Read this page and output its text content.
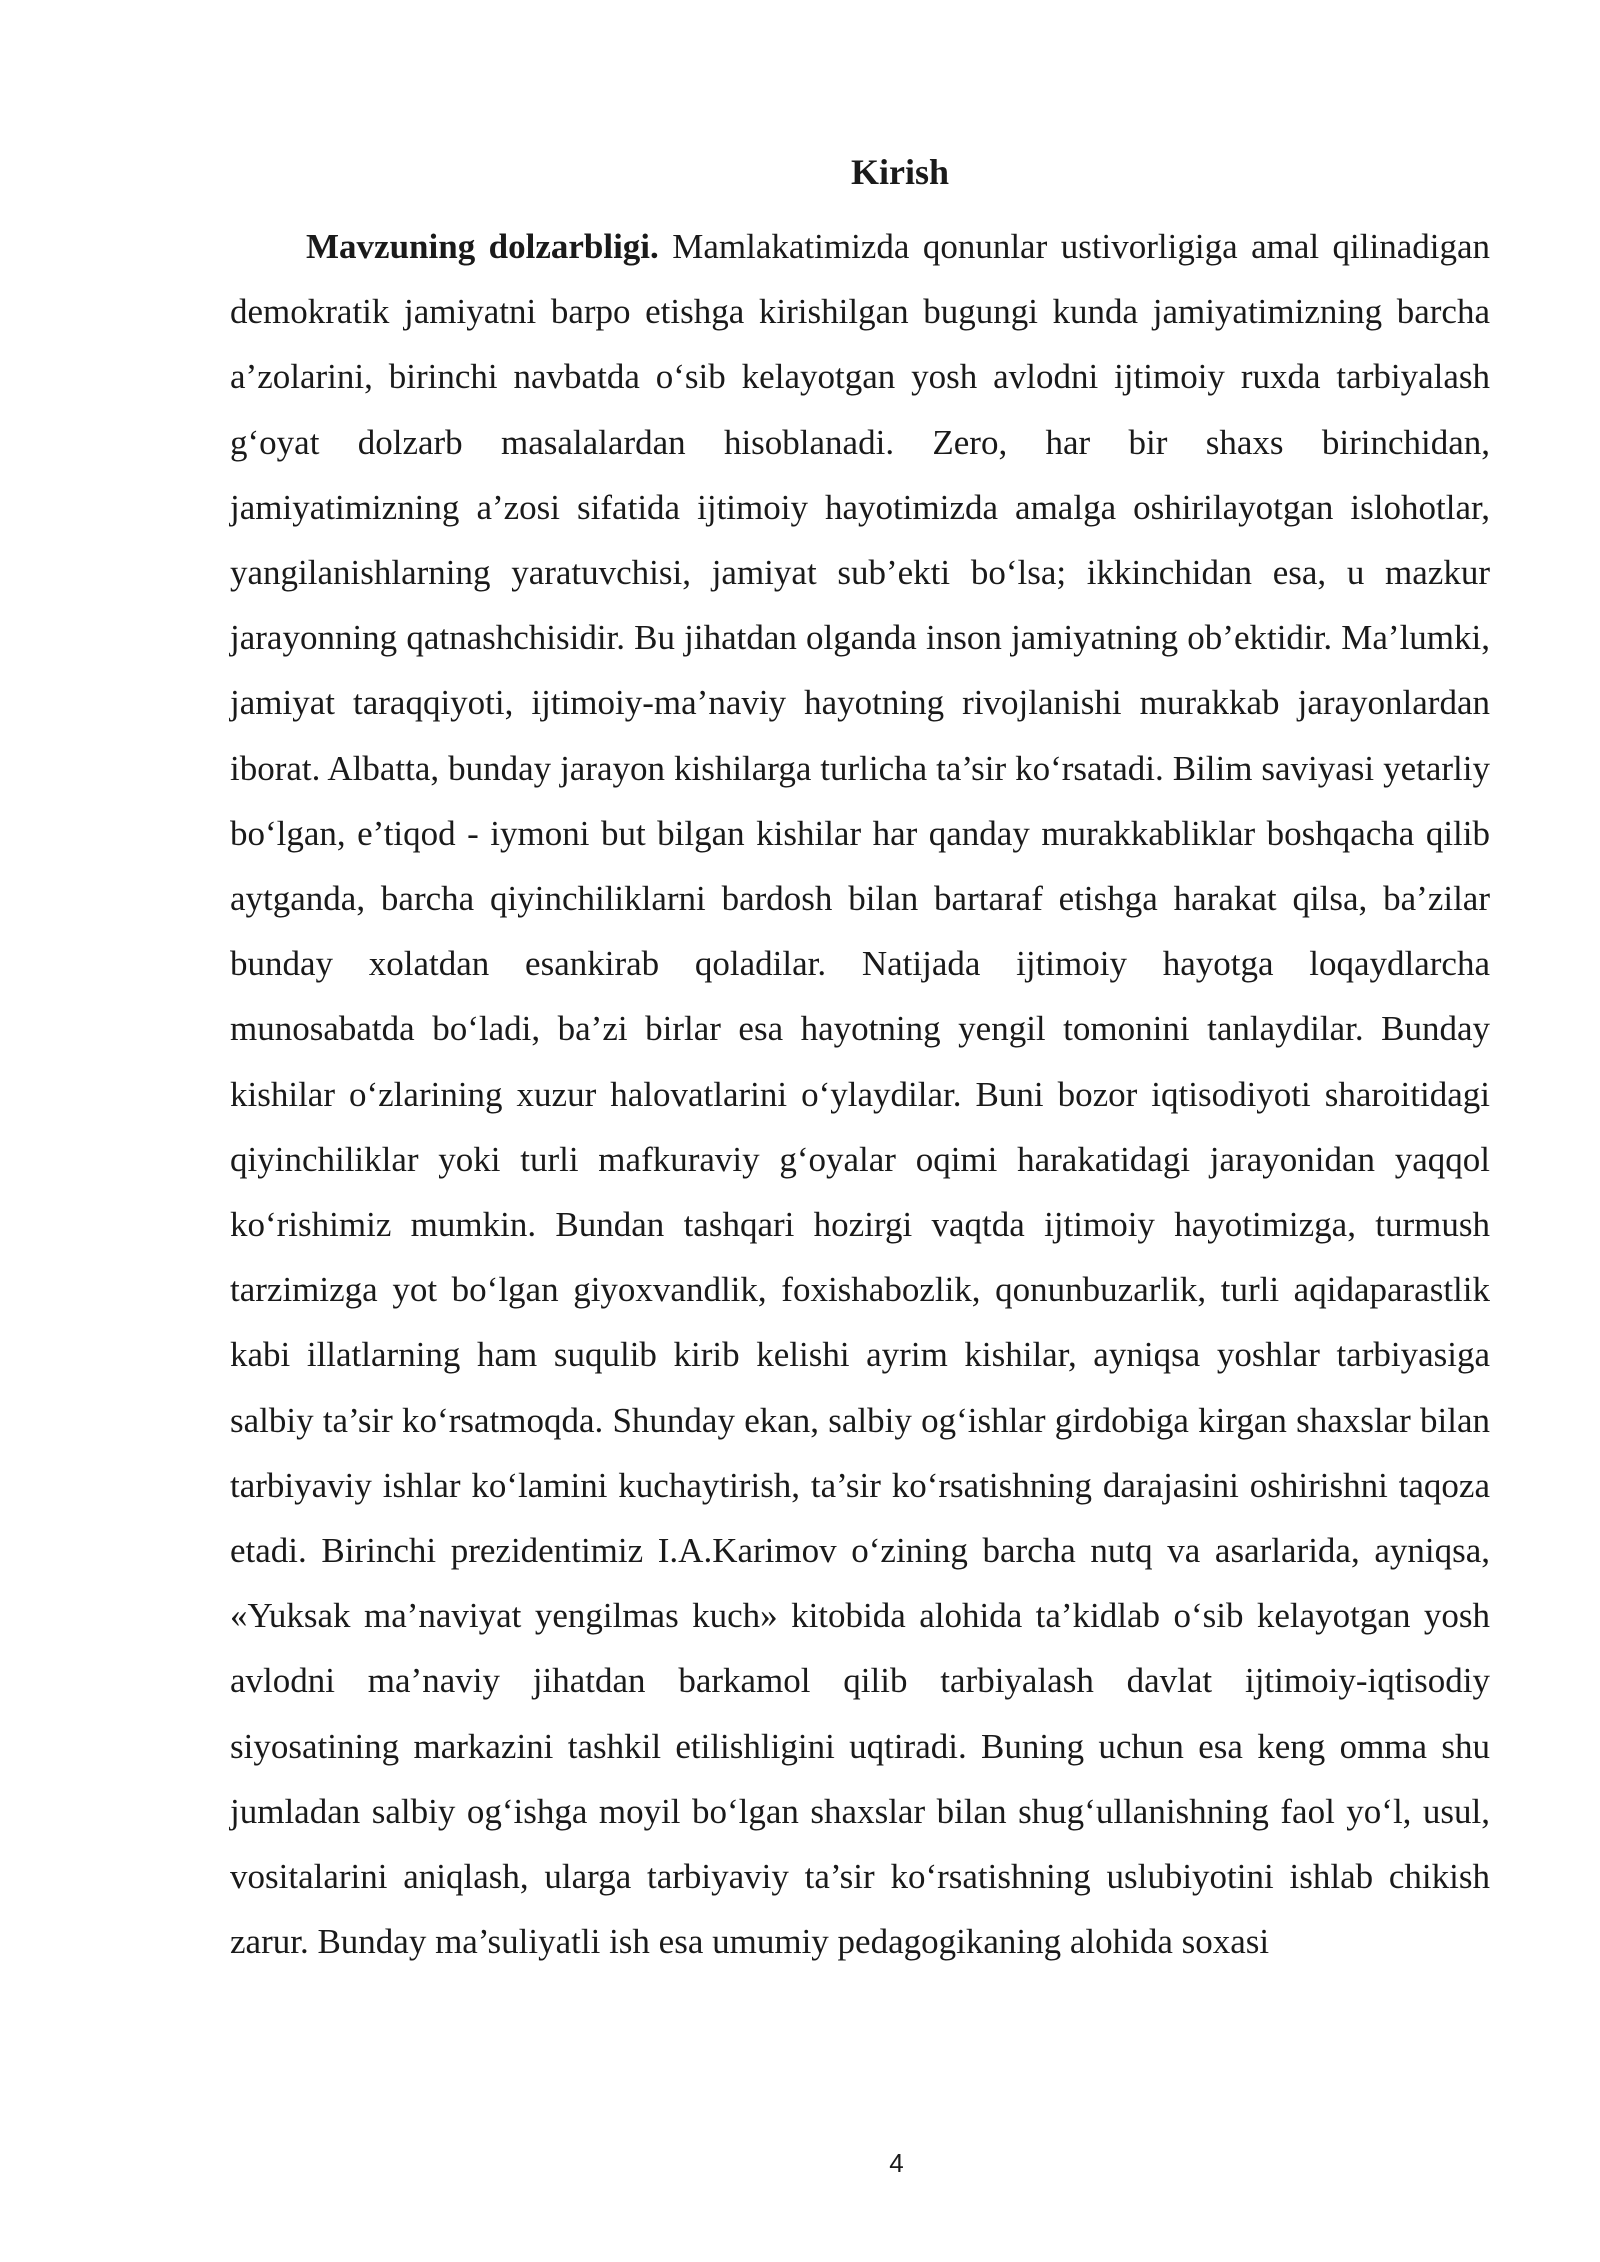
Kirish

Mavzuning dolzarbligi. Mamlakatimizda qonunlar ustivorligiga amal qilinadigan demokratik jamiyatni barpo etishga kirishilgan bugungi kunda jamiyatimizning barcha a’zolarini, birinchi navbatda o‘sib kelayotgan yosh avlodni ijtimoiy ruxda tarbiyalash g‘oyat dolzarb masalalardan hisoblanadi. Zero, har bir shaxs birinchidan, jamiyatimizning a’zosi sifatida ijtimoiy hayotimizda amalga oshirilayotgan islohotlar, yangilanishlarning yaratuvchisi, jamiyat sub’ekti bo‘lsa; ikkinchidan esa, u mazkur jarayonning qatnashchisidir. Bu jihatdan olganda inson jamiyatning ob’ektidir. Ma’lumki, jamiyat taraqqiyoti, ijtimoiy-ma’naviy hayotning rivojlanishi murakkab jarayonlardan iborat. Albatta, bunday jarayon kishilarga turlicha ta’sir ko‘rsatadi. Bilim saviyasi yetarliy bo‘lgan, e’tiqod - iymoni but bilgan kishilar har qanday murakkabliklar boshqacha qilib aytganda, barcha qiyinchiliklarni bardosh bilan bartaraf etishga harakat qilsa, ba’zilar bunday xolatdan esankirab qoladilar. Natijada ijtimoiy hayotga loqaydlarcha munosabatda bo‘ladi, ba’zi birlar esa hayotning yengil tomonini tanlaydilar. Bunday kishilar o‘zlarining xuzur halovatlarini o‘ylaydilar. Buni bozor iqtisodiyoti sharoitidagi qiyinchiliklar yoki turli mafkuraviy g‘oyalar oqimi harakatidagi jarayonidan yaqqol ko‘rishimiz mumkin. Bundan tashqari hozirgi vaqtda ijtimoiy hayotimizga, turmush tarzimizga yot bo‘lgan giyoxvandlik, foxishabozlik, qonunbuzarlik, turli aqidaparastlik kabi illatlarning ham suqulib kirib kelishi ayrim kishilar, ayniqsa yoshlar tarbiyasiga salbiy ta’sir ko‘rsatmoqda. Shunday ekan, salbiy og‘ishlar girdobiga kirgan shaxslar bilan tarbiyaviy ishlar ko‘lamini kuchaytirish, ta’sir ko‘rsatishning darajasini oshirishni taqoza etadi. Birinchi prezidentimiz I.A.Karimov o‘zining barcha nutq va asarlarida, ayniqsa, «Yuksak ma’naviyat yengilmas kuch» kitobida alohida ta’kidlab o‘sib kelayotgan yosh avlodni ma’naviy jihatdan barkamol qilib tarbiyalash davlat ijtimoiy-iqtisodiy siyosatining markazini tashkil etilishligini uqtiradi. Buning uchun esa keng omma shu jumladan salbiy og‘ishga moyil bo‘lgan shaxslar bilan shug‘ullanishning faol yo‘l, usul, vositalarini aniqlash, ularga tarbiyaviy ta’sir ko‘rsatishning uslubiyotini ishlab chikish zarur. Bunday ma’suliyatli ish esa umumiy pedagogikaning alohida soxasi

4
